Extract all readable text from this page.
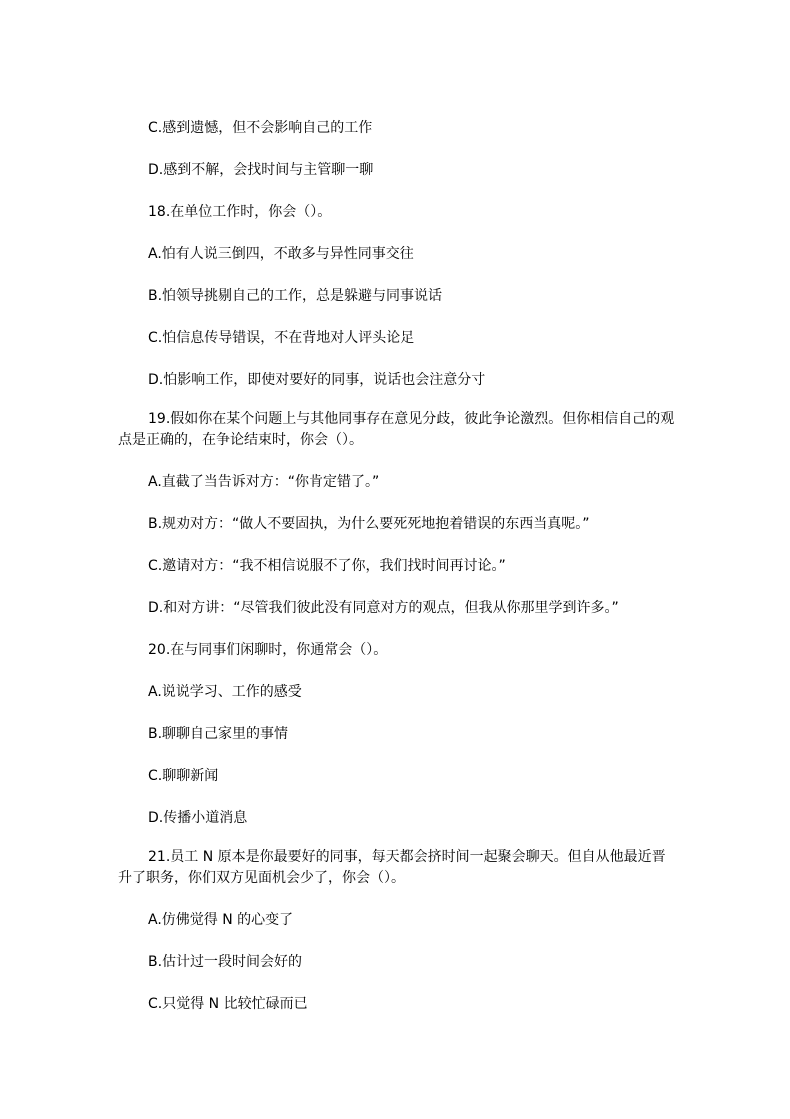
C.感到遗憾，但不会影响自己的工作
D.感到不解，会找时间与主管聊一聊
18.在单位工作时，你会（）。
A.怕有人说三倒四，不敢多与异性同事交往
B.怕领导挑剔自己的工作，总是躲避与同事说话
C.怕信息传导错误，不在背地对人评头论足
D.怕影响工作，即使对要好的同事，说话也会注意分寸
19.假如你在某个问题上与其他同事存在意见分歧，彼此争论激烈。但你相信自己的观
点是正确的，在争论结束时，你会（）。
A.直截了当告诉对方：“你肯定错了。”
B.规劝对方：“做人不要固执，为什么要死死地抱着错误的东西当真呢。”
C.邀请对方：“我不相信说服不了你，我们找时间再讨论。”
D.和对方讲：“尽管我们彼此没有同意对方的观点，但我从你那里学到许多。”
20.在与同事们闲聊时，你通常会（）。
A.说说学习、工作的感受
B.聊聊自己家里的事情
C.聊聊新闻
D.传播小道消息
21.员工 N 原本是你最要好的同事，每天都会挤时间一起聚会聊天。但自从他最近晋
升了职务，你们双方见面机会少了，你会（）。
A.仿佛觉得 N 的心变了
B.估计过一段时间会好的
C.只觉得 N 比较忙碌而已
